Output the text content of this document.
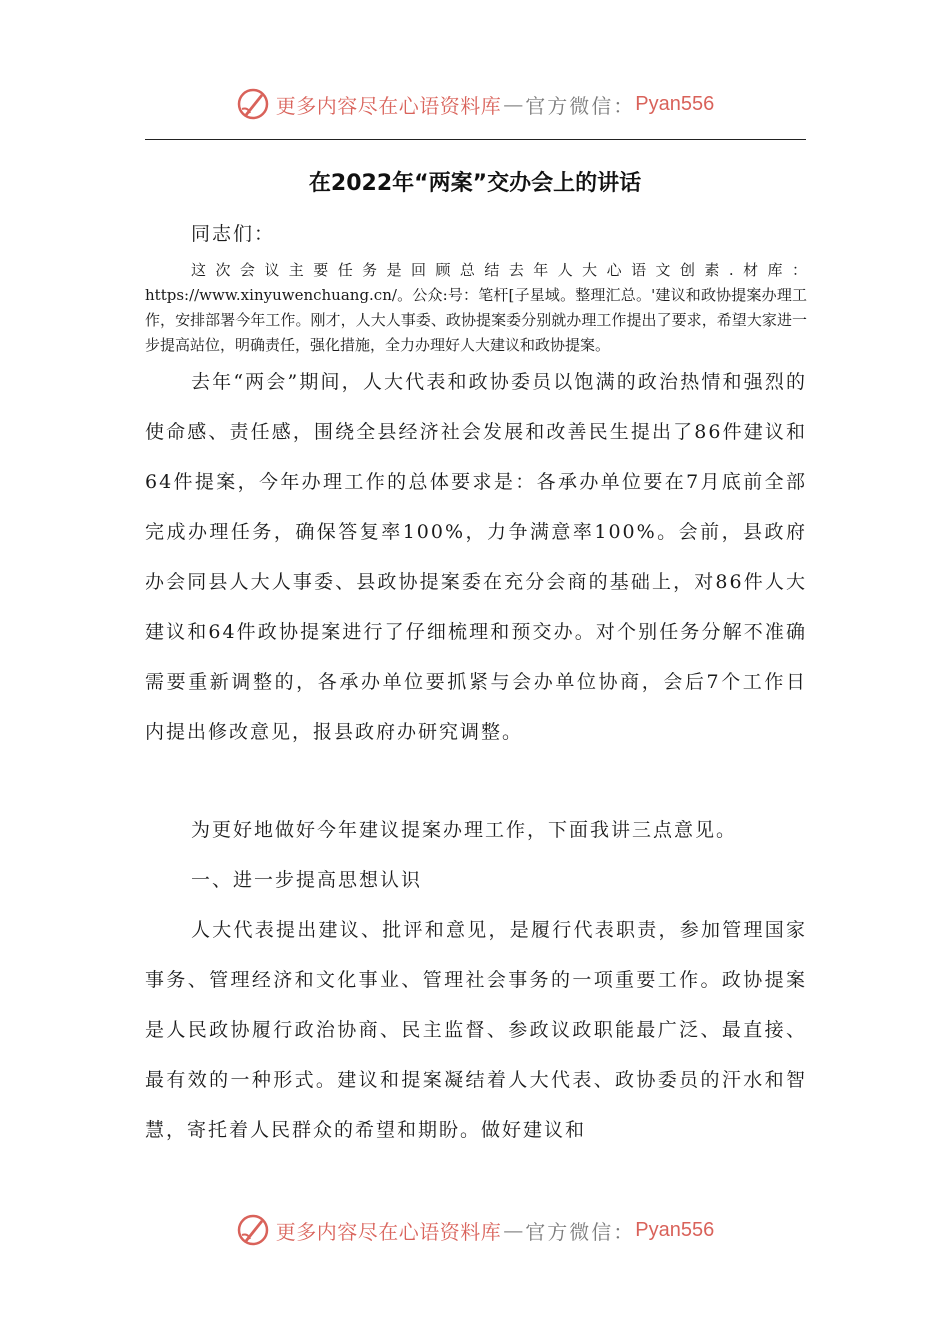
更多内容尽在心语资料库 — 官方微信： Pyan556
在2022年“两案”交办会上的讲话
同志们：
这次会议主要任务是回顾总结去年人大心语文创素.材库：https://www.xinyuwenchuang.cn/。公众:号：笔杆[子星域。整理汇总。'建议和政协提案办理工作，安排部署今年工作。刚才，人大人事委、政协提案委分别就办理工作提出了要求，希望大家进一步提高站位，明确责任，强化措施，全力办理好人大建议和政协提案。
去年“两会”期间，人大代表和政协委员以饱满的政治热情和强烈的使命感、责任感，围绕全县经济社会发展和改善民生提出了86件建议和64件提案，今年办理工作的总体要求是：各承办单位要在7月底前全部完成办理任务，确保答复率100%，力争满意率100%。会前，县政府办会同县人大人事委、县政协提案委在充分会商的基础上，对86件人大建议和64件政协提案进行了仔细梳理和预交办。对个别任务分解不准确需要重新调整的，各承办单位要抓紧与会办单位协商，会后7个工作日内提出修改意见，报县政府办研究调整。
为更好地做好今年建议提案办理工作，下面我讲三点意见。
一、进一步提高思想认识
人大代表提出建议、批评和意见，是履行代表职责，参加管理国家事务、管理经济和文化事业、管理社会事务的一项重要工作。政协提案是人民政协履行政治协商、民主监督、参政议政职能最广泛、最直接、最有效的一种形式。建议和提案凝结着人大代表、政协委员的汗水和智慧，寄托着人民群众的希望和期盼。做好建议和
更多内容尽在心语资料库 — 官方微信： Pyan556
